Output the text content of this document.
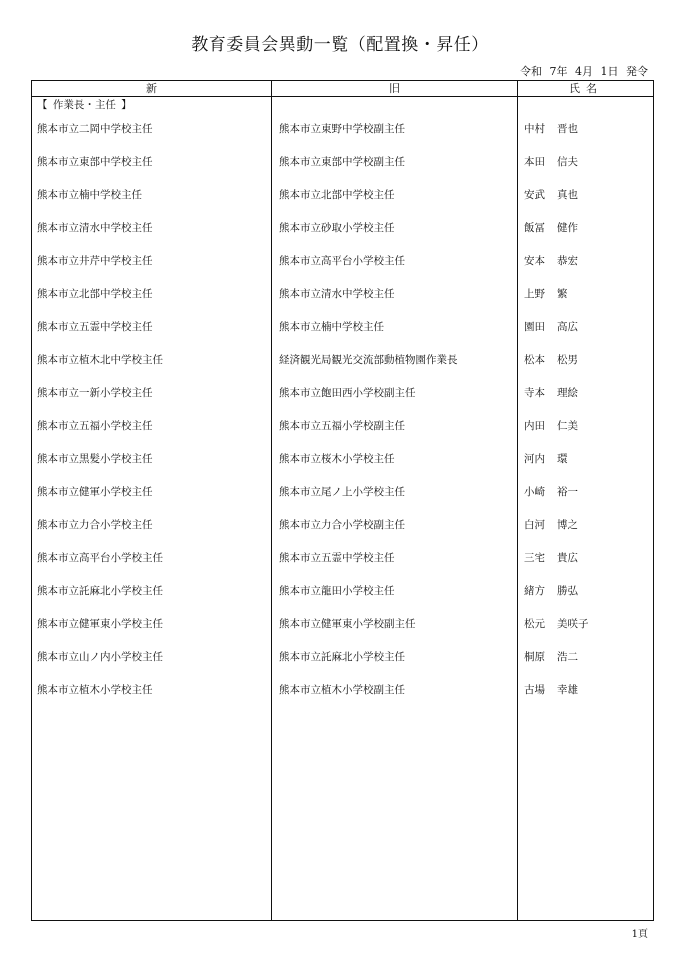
教育委員会異動一覧（配置換・昇任）
令和 7年 4月 1日 発令
新	旧	氏名
【 作業長・主任 】
熊本市立二岡中学校主任	熊本市立東野中学校副主任	中村 晋也
熊本市立東部中学校主任	熊本市立東部中学校副主任	本田 信夫
熊本市立楠中学校主任	熊本市立北部中学校主任	安武 真也
熊本市立清水中学校主任	熊本市立砂取小学校主任	飯冨 健作
熊本市立井芹中学校主任	熊本市立高平台小学校主任	安本 恭宏
熊本市立北部中学校主任	熊本市立清水中学校主任	上野 繁
熊本市立五霊中学校主任	熊本市立楠中学校主任	園田 高広
熊本市立植木北中学校主任	経済観光局観光交流部動植物園作業長	松本 松男
熊本市立一新小学校主任	熊本市立飽田西小学校副主任	寺本 理絵
熊本市立五福小学校主任	熊本市立五福小学校副主任	内田 仁美
熊本市立黒髪小学校主任	熊本市立桜木小学校主任	河内 環
熊本市立健軍小学校主任	熊本市立尾ノ上小学校主任	小崎 裕一
熊本市立力合小学校主任	熊本市立力合小学校副主任	白河 博之
熊本市立高平台小学校主任	熊本市立五霊中学校主任	三宅 貴広
熊本市立託麻北小学校主任	熊本市立龍田小学校主任	緒方 勝弘
熊本市立健軍東小学校主任	熊本市立健軍東小学校副主任	松元 美咲子
熊本市立山ノ内小学校主任	熊本市立託麻北小学校主任	桐原 浩二
熊本市立植木小学校主任	熊本市立植木小学校副主任	古場 幸雄
1頁
